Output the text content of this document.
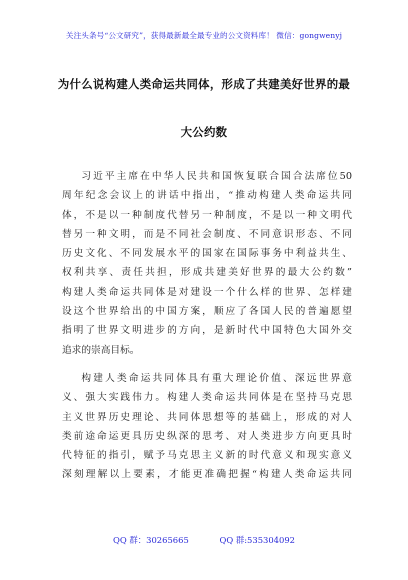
关注头条号“公文研究”，获得最新最全最专业的公文资料库！ 微信：gongwenyj
为什么说构建人类命运共同体，形成了共建美好世界的最
大公约数
习近平主席在中华人民共和国恢复联合国合法席位50
周年纪念会议上的讲话中指出，“推动构建人类命运共同
体，不是以一种制度代替另一种制度，不是以一种文明代
替另一种文明，而是不同社会制度、不同意识形态、不同
历史文化、不同发展水平的国家在国际事务中利益共生、
权利共享、责任共担，形成共建美好世界的最大公约数”
构建人类命运共同体是对建设一个什么样的世界、怎样建
设这个世界给出的中国方案，顺应了各国人民的普遍愿望
指明了世界文明进步的方向，是新时代中国特色大国外交
追求的崇高目标。
构建人类命运共同体具有重大理论价值、深远世界意
义、强大实践伟力。构建人类命运共同体是在坚持马克思
主义世界历史理论、共同体思想等的基础上，形成的对人
类前途命运更具历史纵深的思考、对人类进步方向更具时
代特征的指引，赋予马克思主义新的时代意义和现实意义
深刻理解以上要素，才能更准确把握“构建人类命运共同
QQ 群：30265665	QQ 群:535304092
